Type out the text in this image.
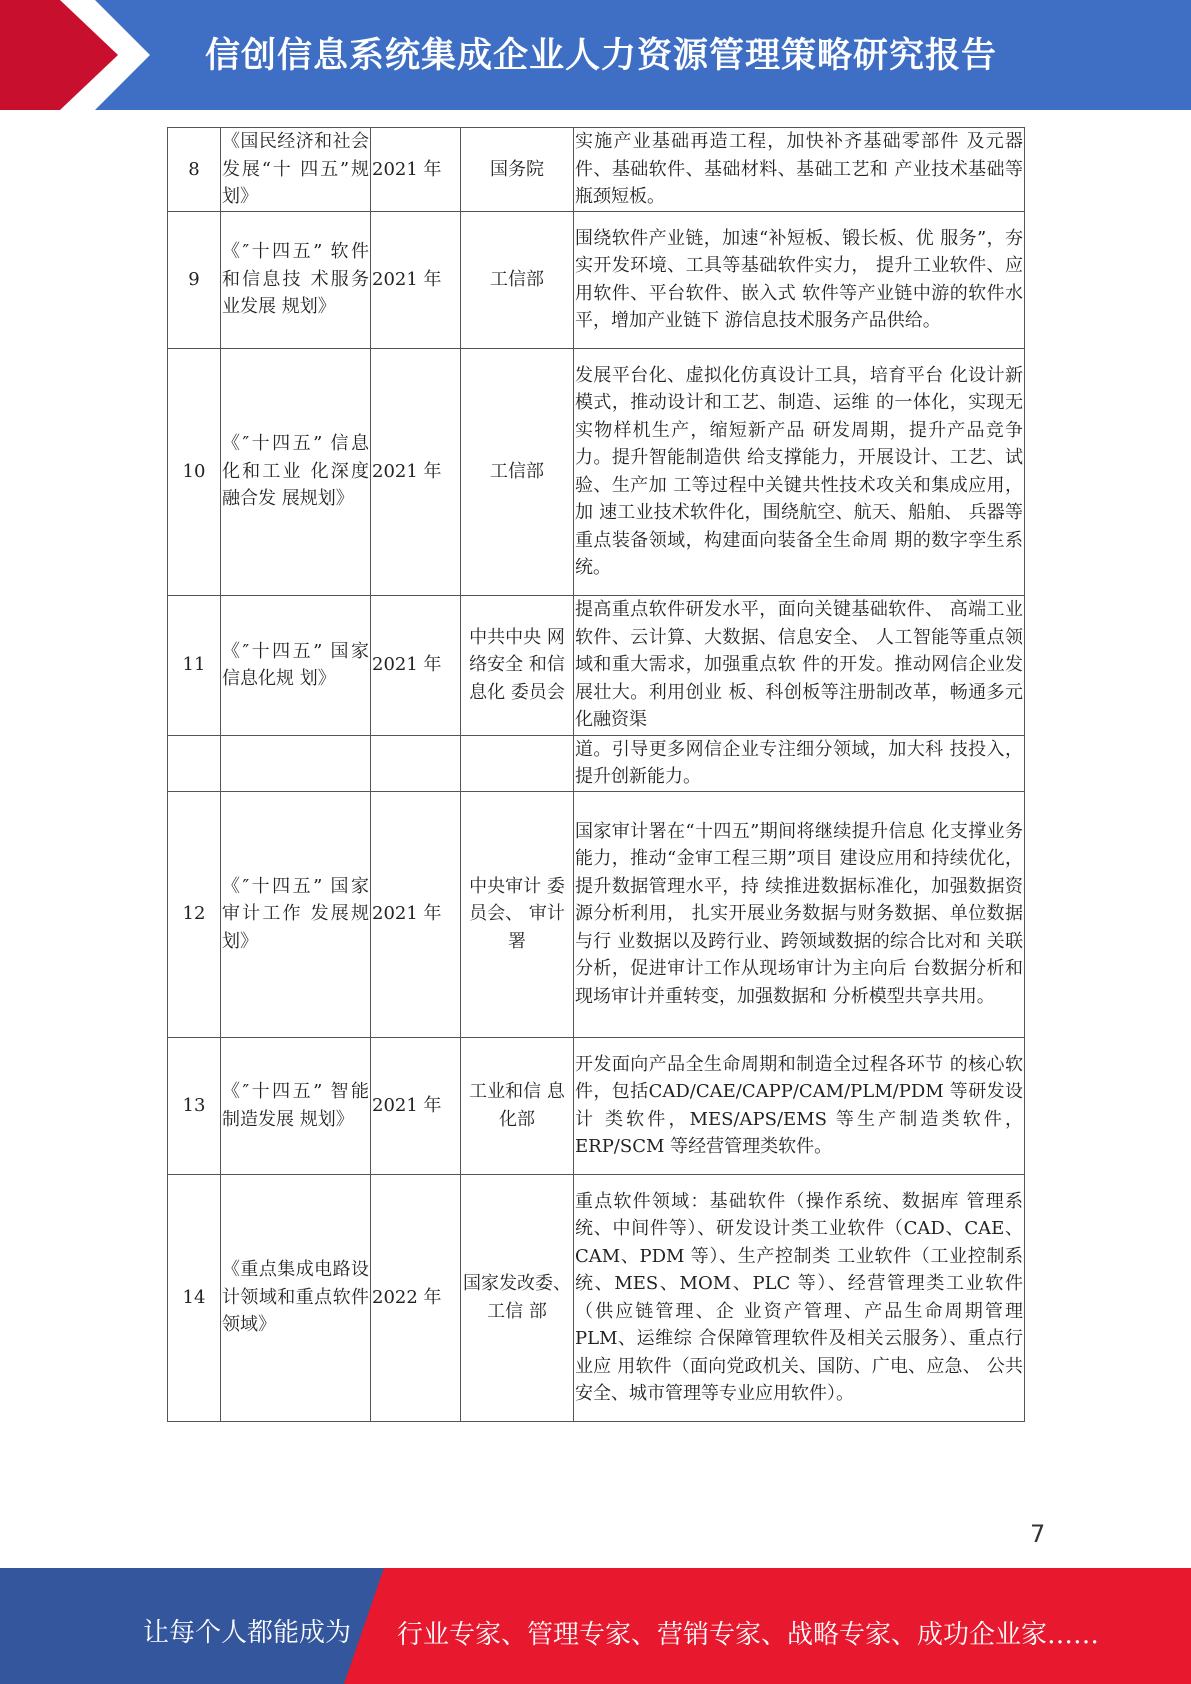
信创信息系统集成企业人力资源管理策略研究报告
8	《国民经济和社会发展“十 四五”规划》	2021 年	国务院	实施产业基础再造工程，加快补齐基础零部件 及元器件、基础软件、基础材料、基础工艺和 产业技术基础等瓶颈短板。
9	《″十四五” 软件和信息技 术服务业发展 规划》	2021 年	工信部	围绕软件产业链，加速“补短板、锻长板、优 服务”，夯实开发环境、工具等基础软件实力， 提升工业软件、应用软件、平台软件、嵌入式 软件等产业链中游的软件水平，增加产业链下 游信息技术服务产品供给。
10	《″十四五” 信息化和工业 化深度融合发 展规划》	2021 年	工信部	发展平台化、虚拟化仿真设计工具，培育平台 化设计新模式，推动设计和工艺、制造、运维 的一体化，实现无实物样机生产，缩短新产品 研发周期，提升产品竞争力。提升智能制造供 给支撑能力，开展设计、工艺、试验、生产加 工等过程中关键共性技术攻关和集成应用，加 速工业技术软件化，围绕航空、航天、船舶、 兵器等重点装备领域，构建面向装备全生命周 期的数字孪生系统。
11	《″十四五” 国家信息化规 划》	2021 年	中共中央 网络安全 和信息化 委员会	提高重点软件研发水平，面向关键基础软件、 高端工业软件、云计算、大数据、信息安全、 人工智能等重点领域和重大需求，加强重点软 件的开发。推动网信企业发展壮大。利用创业 板、科创板等注册制改革，畅通多元化融资渠
				道。引导更多网信企业专注细分领域，加大科 技投入，提升创新能力。
12	《″十四五” 国家审计工作 发展规划》	2021 年	中央审计 委员会、 审计署	国家审计署在“十四五”期间将继续提升信息 化支撑业务能力，推动“金审工程三期”项目 建设应用和持续优化，提升数据管理水平，持 续推进数据标准化，加强数据资源分析利用， 扎实开展业务数据与财务数据、单位数据与行 业数据以及跨行业、跨领域数据的综合比对和 关联分析，促进审计工作从现场审计为主向后 台数据分析和现场审计并重转变，加强数据和 分析模型共享共用。
13	《″十四五” 智能制造发展 规划》	2021 年	工业和信 息化部	开发面向产品全生命周期和制造全过程各环节 的核心软件，包括CAD/CAE/CAPP/CAM/PLM/PDM 等研发设计 类软件，MES/APS/EMS 等生产制造类软件， ERP/SCM 等经营管理类软件。
14	《重点集成电路设计领域和重点软件领域》	2022 年	国家发改委、工信 部	重点软件领域：基础软件（操作系统、数据库 管理系统、中间件等）、研发设计类工业软件（CAD、CAE、CAM、PDM 等）、生产控制类 工业软件（工业控制系统、MES、MOM、PLC 等）、经营管理类工业软件（供应链管理、企 业资产管理、产品生命周期管理 PLM、运维综 合保障管理软件及相关云服务）、重点行业应 用软件（面向党政机关、国防、广电、应急、 公共安全、城市管理等专业应用软件）。
7
让每个人都能成为 行业专家、管理专家、营销专家、战略专家、成功企业家……
